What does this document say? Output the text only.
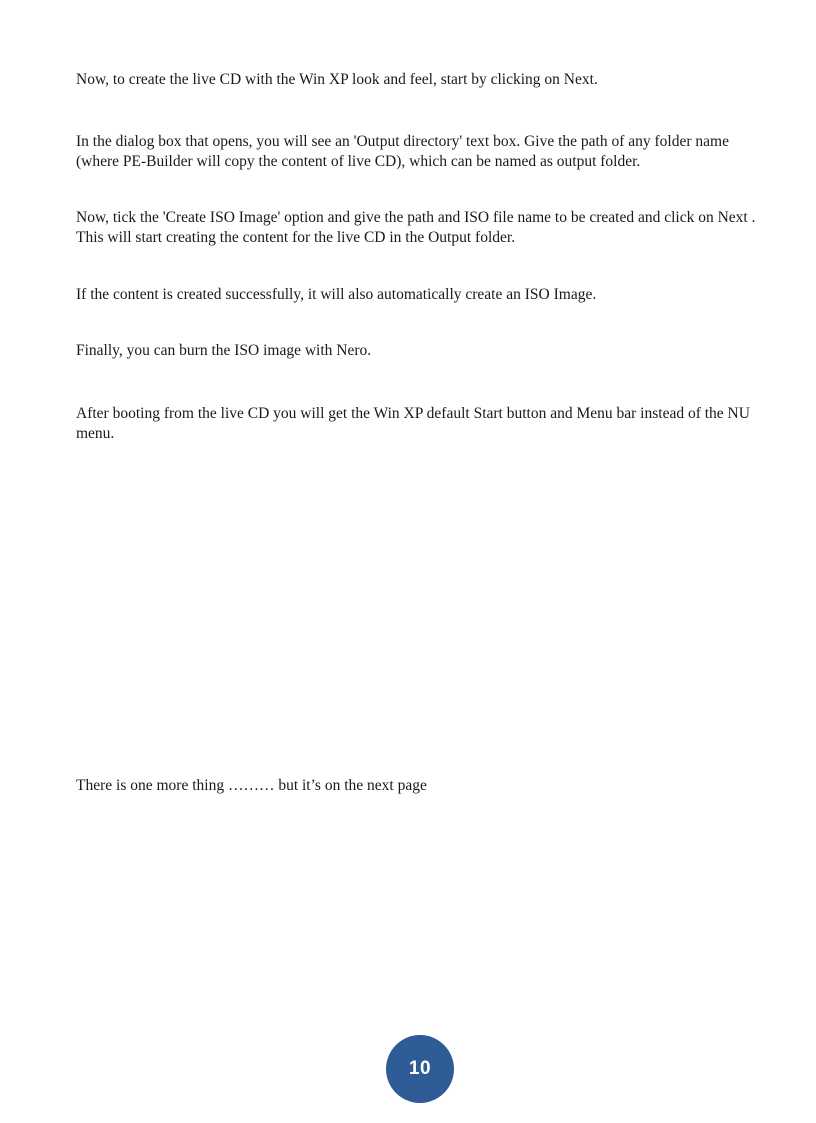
Now, to create the live CD with the Win XP look and feel, start by clicking on Next.

In the dialog box that opens, you will see an 'Output directory' text box. Give the path of any folder name (where PE-Builder will copy the content of live CD), which can be named as output folder.

Now, tick the 'Create ISO Image' option and give the path and ISO file name to be created and click on Next . This will start creating the content for the live CD in the Output folder.

If the content is created successfully, it will also automatically create an ISO Image.

Finally, you can burn the ISO image with Nero.

After booting from the live CD you will get the Win XP default Start button and Menu bar instead of the NU menu.

There is one more thing ……… but it’s on the next page

10
